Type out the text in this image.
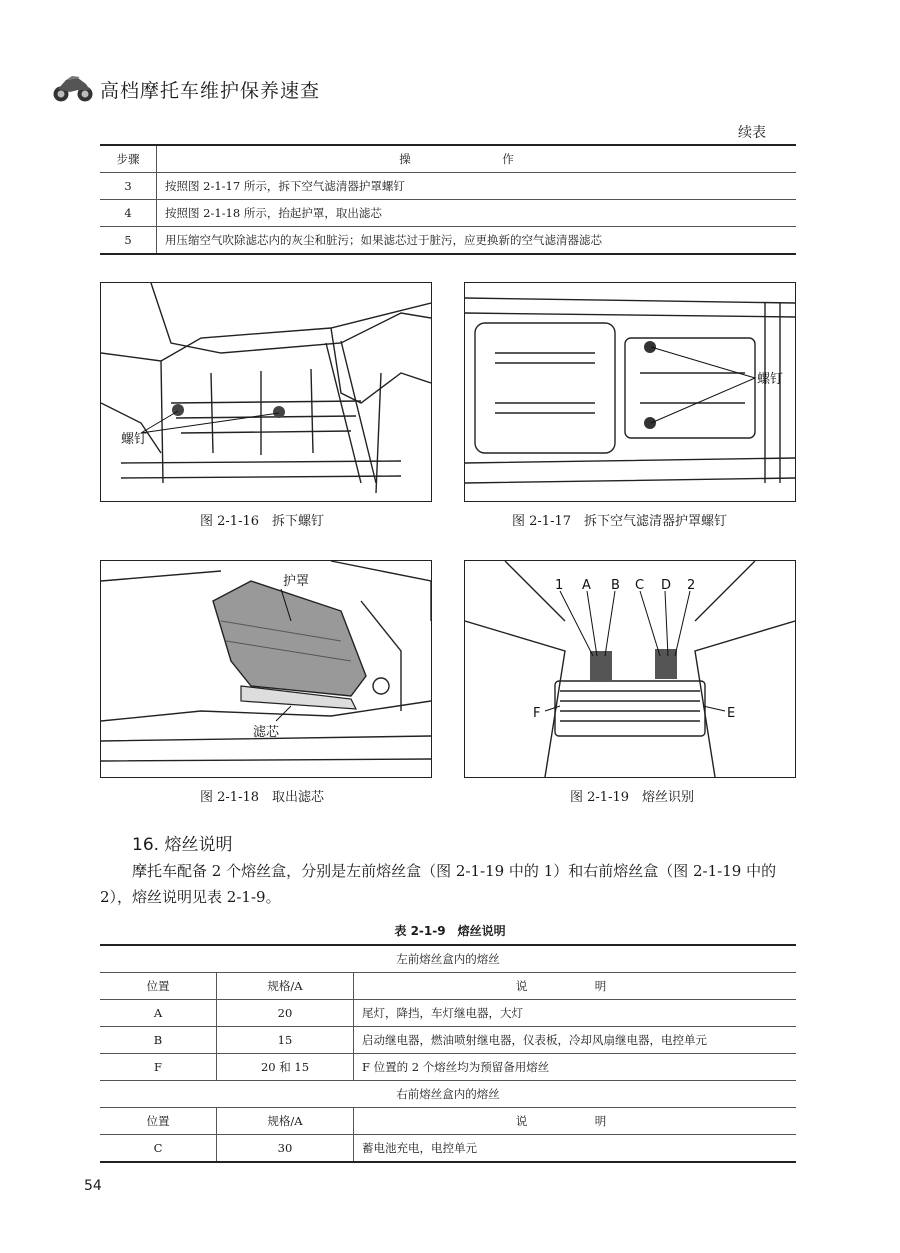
高档摩托车维护保养速查
续表
步骤	操　作
3	按照图 2-1-17 所示，拆下空气滤清器护罩螺钉
4	按照图 2-1-18 所示，抬起护罩，取出滤芯
5	用压缩空气吹除滤芯内的灰尘和脏污；如果滤芯过于脏污，应更换新的空气滤清器滤芯
螺钉
图 2-1-16　拆下螺钉
螺钉
图 2-1-17　拆下空气滤清器护罩螺钉
护罩
滤芯
图 2-1-18　取出滤芯
1 A B C D 2
F	E
图 2-1-19　熔丝识别
16. 熔丝说明
摩托车配备 2 个熔丝盒，分别是左前熔丝盒（图 2-1-19 中的 1）和右前熔丝盒（图 2-1-19 中的 2），熔丝说明见表 2-1-9。
表 2-1-9　熔丝说明
左前熔丝盒内的熔丝		
位置	规格/A	说　明
A	20	尾灯，降挡，车灯继电器，大灯
B	15	启动继电器，燃油喷射继电器，仪表板，冷却风扇继电器，电控单元
F	20 和 15	F 位置的 2 个熔丝均为预留备用熔丝
右前熔丝盒内的熔丝		
位置	规格/A	说　明
C	30	蓄电池充电，电控单元
54
